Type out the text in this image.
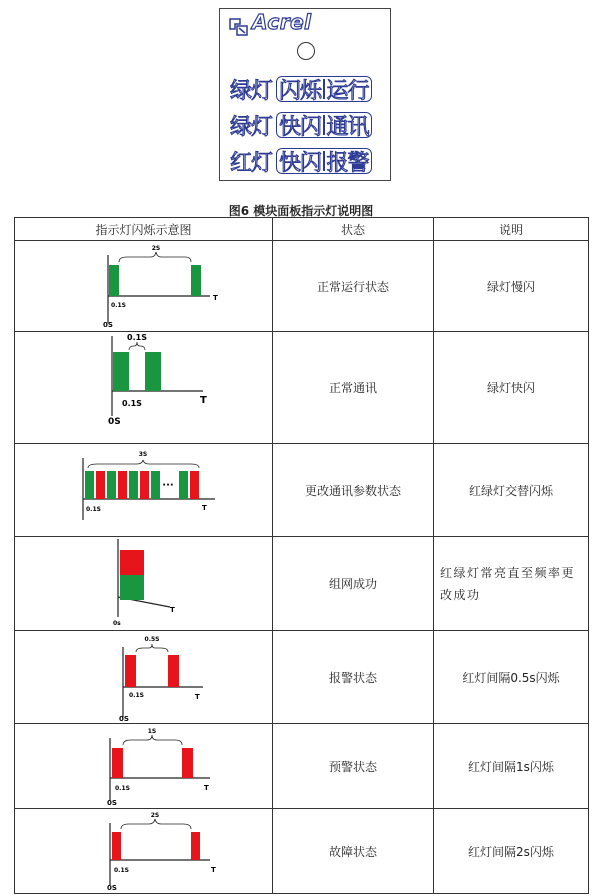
Acrel
绿灯 闪烁 运行
绿灯 快闪 通讯
红灯 快闪 报警
图6 模块面板指示灯说明图
指示灯闪烁示意图	状态	说明

2S
0.1S
0S
T	正常运行状态	绿灯慢闪

0.1S
0.1S
0S
T	正常通讯	绿灯快闪

···
3S
0.1S T	更改通讯参数状态	红绿灯交替闪烁

0s
T	组网成功	红绿灯常亮直至频率更改成功

0.5S
0.1S
0S
T	报警状态	红灯间隔0.5s闪烁

1S
0.1S
0S
T	预警状态	红灯间隔1s闪烁

2S
0.1S
0S
T	故障状态	红灯间隔2s闪烁
